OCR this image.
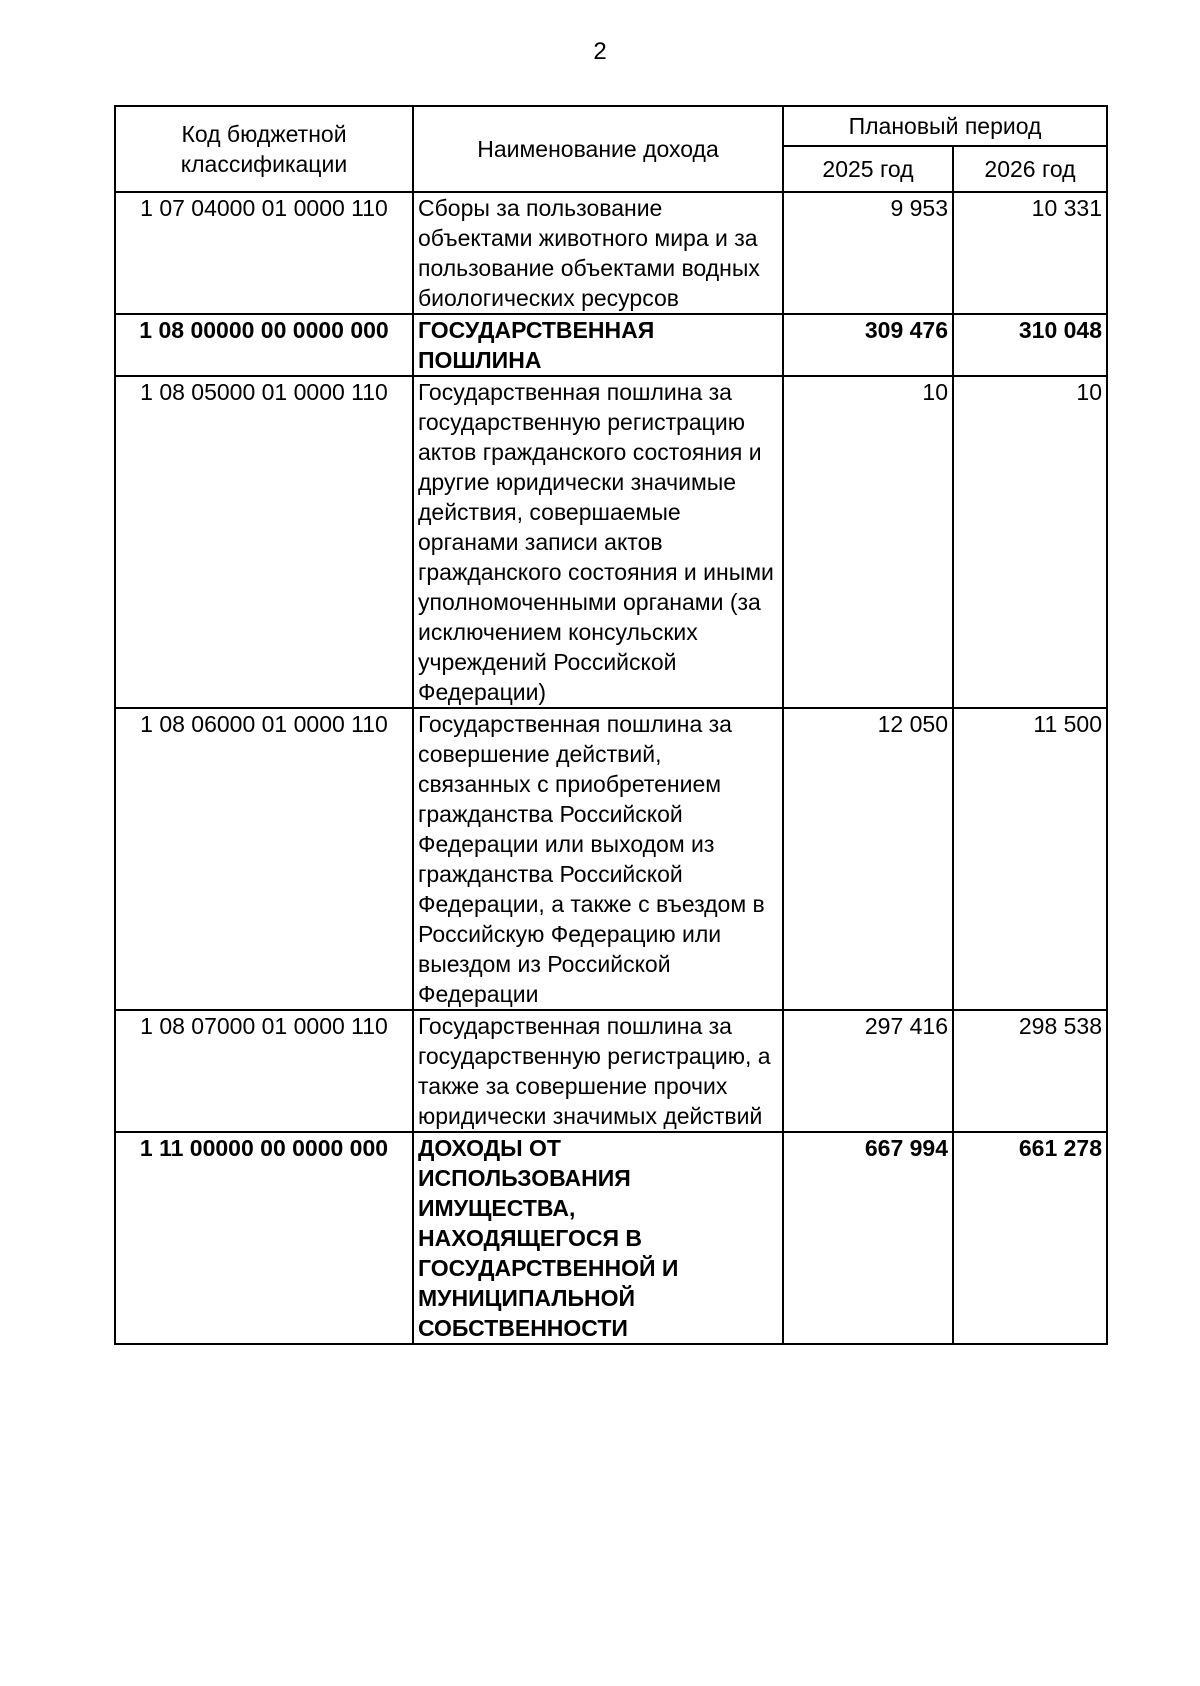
2
Код бюджетной классификации	Наименование дохода	Плановый период	
		2025 год	2026 год
1 07 04000 01 0000 110	Сборы за пользование объектами животного мира и за пользование объектами водных биологических ресурсов	9 953	10 331
1 08 00000 00 0000 000	ГОСУДАРСТВЕННАЯ ПОШЛИНА	309 476	310 048
1 08 05000 01 0000 110	Государственная пошлина за государственную регистрацию актов гражданского состояния и другие юридически значимые действия, совершаемые органами записи актов гражданского состояния и иными уполномоченными органами (за исключением консульских учреждений Российской Федерации)	10	10
1 08 06000 01 0000 110	Государственная пошлина за совершение действий, связанных с приобретением гражданства Российской Федерации или выходом из гражданства Российской Федерации, а также с въездом в Российскую Федерацию или выездом из Российской Федерации	12 050	11 500
1 08 07000 01 0000 110	Государственная пошлина за государственную регистрацию, а также за совершение прочих юридически значимых действий	297 416	298 538
1 11 00000 00 0000 000	ДОХОДЫ ОТ ИСПОЛЬЗОВАНИЯ ИМУЩЕСТВА, НАХОДЯЩЕГОСЯ В ГОСУДАРСТВЕННОЙ И МУНИЦИПАЛЬНОЙ СОБСТВЕННОСТИ	667 994	661 278
